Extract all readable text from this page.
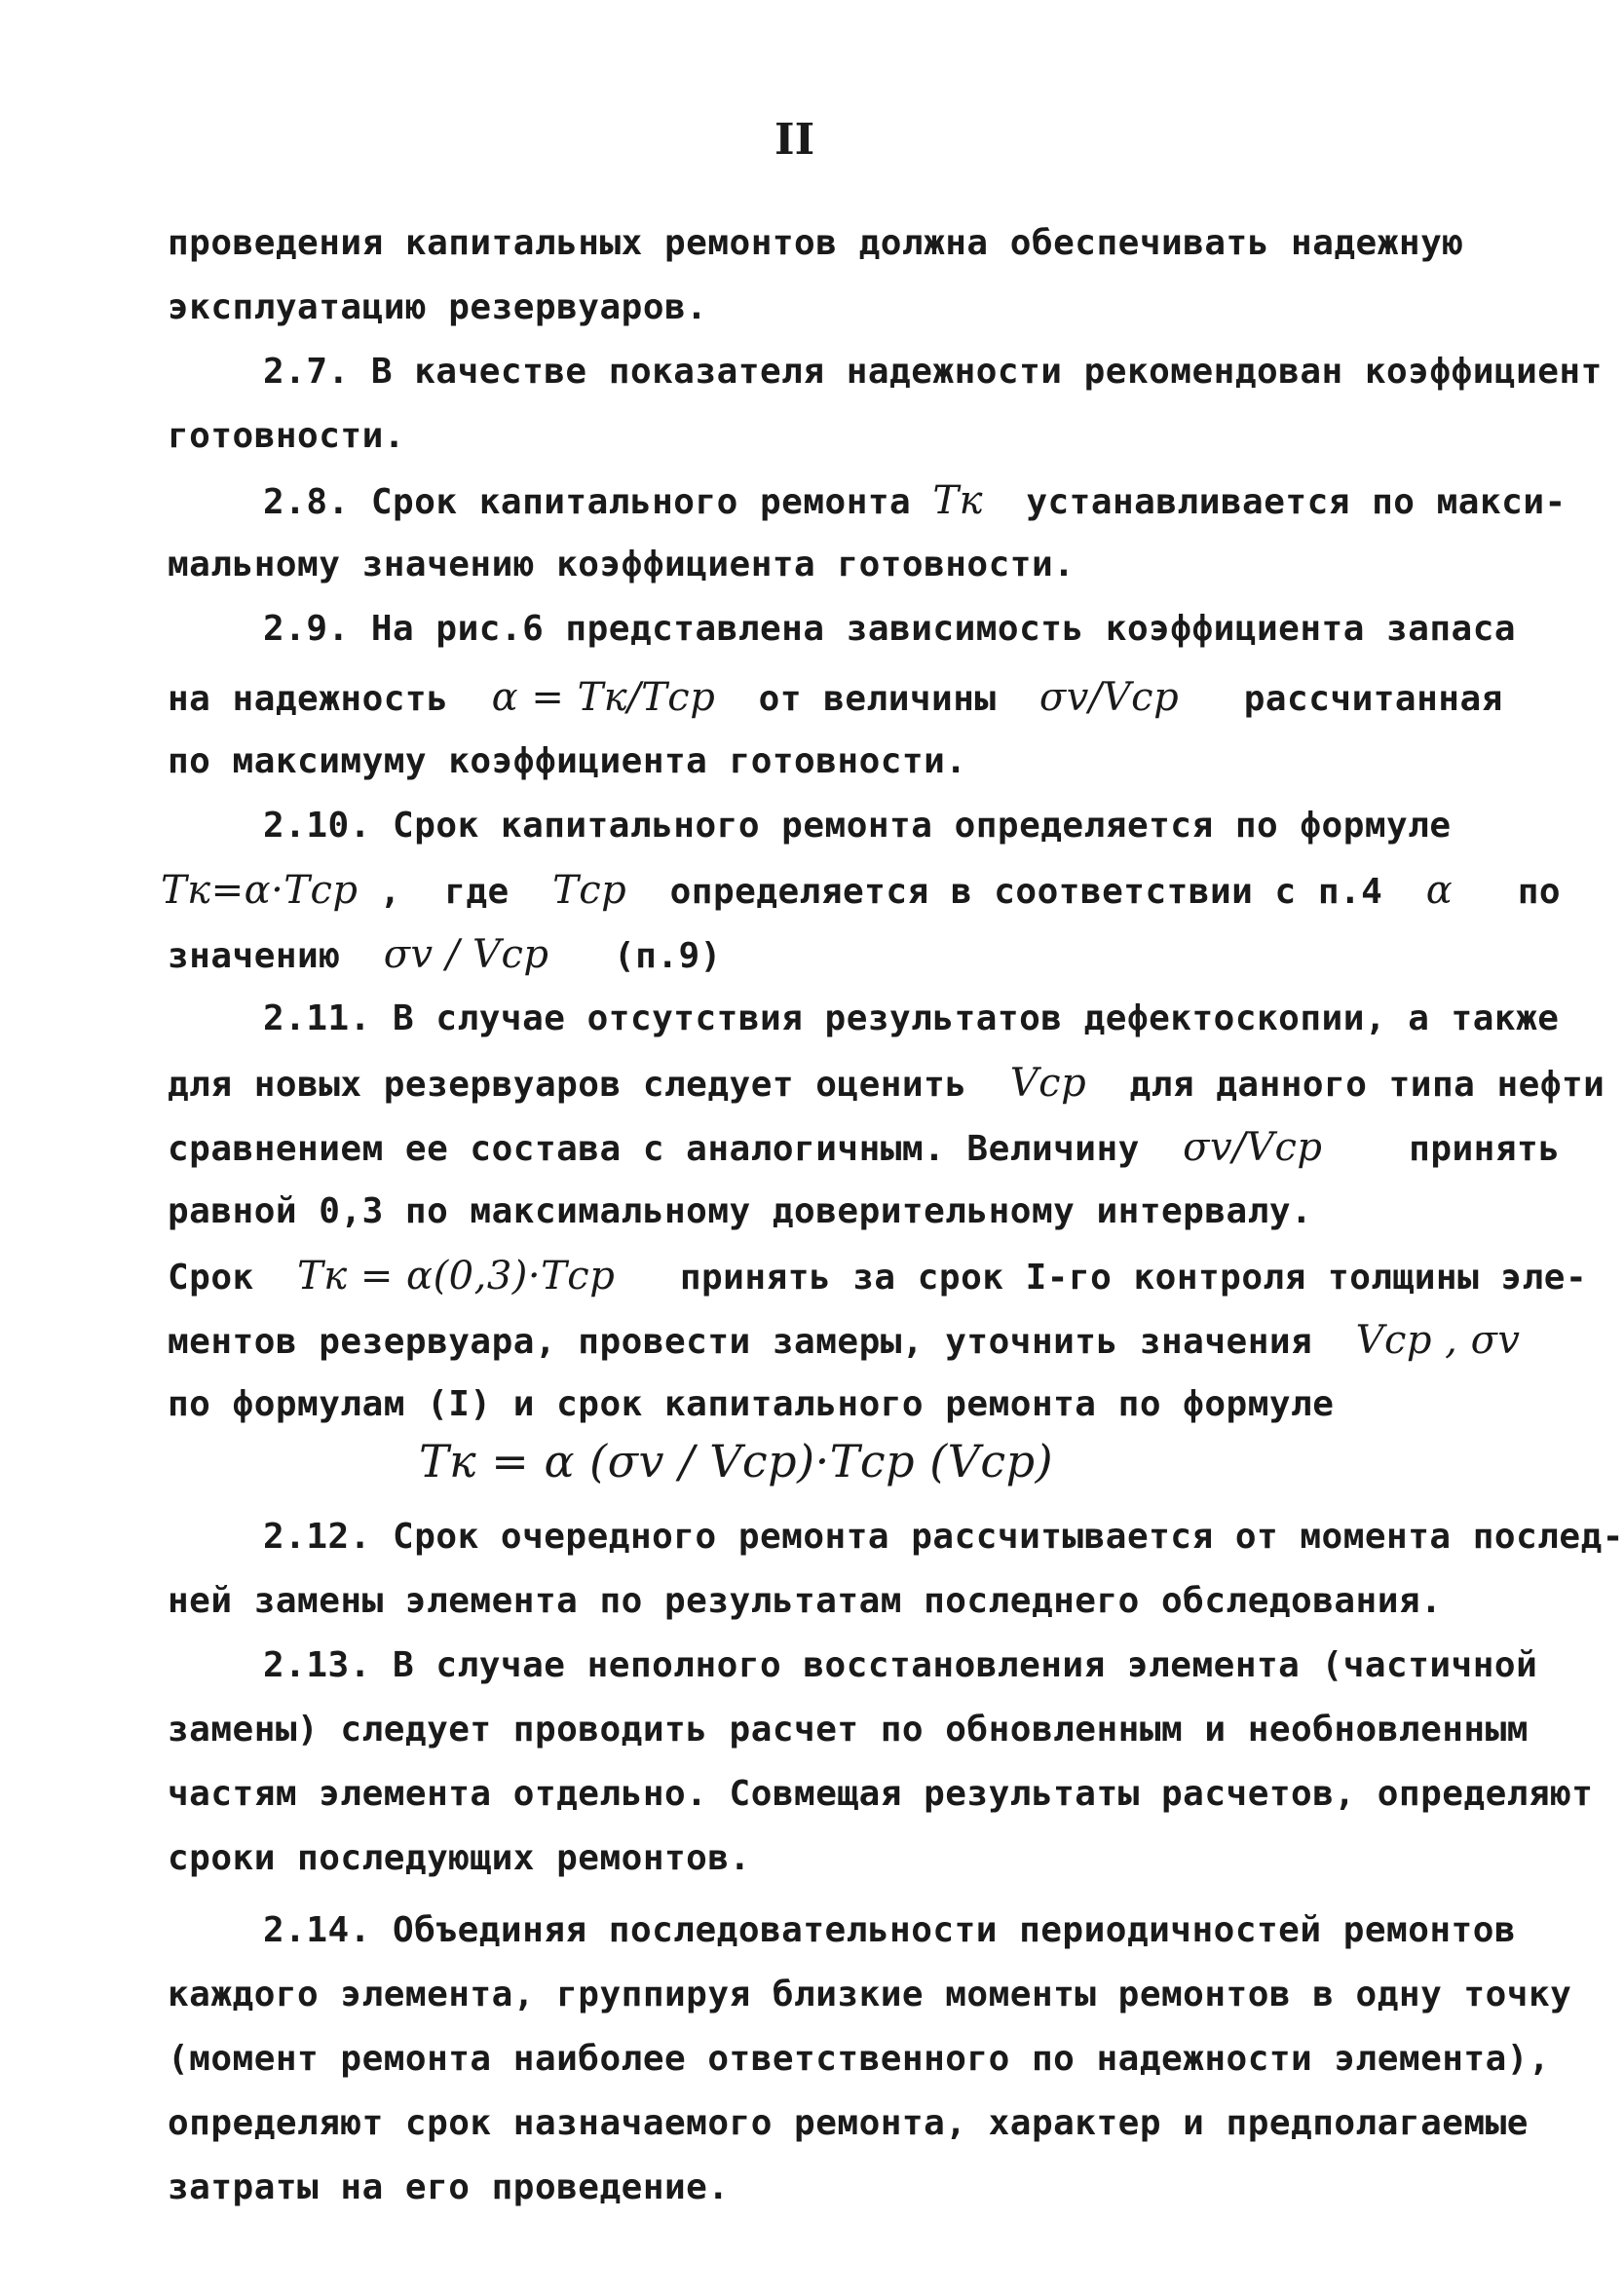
II
проведения капитальных ремонтов должна обеспечивать надежную
эксплуатацию резервуаров.
2.7. В качестве показателя надежности рекомендован коэффициент
готовности.
2.8. Срок капитального ремонта Tк  устанавливается по макси-
мальному значению коэффициента готовности.
2.9. На рис.6 представлена зависимость коэффициента запаса
на надежность  α = Tк/Tср  от величины  σv/Vср   рассчитанная
по максимуму коэффициента готовности.
2.10. Срок капитального ремонта определяется по формуле
Tк=α·Tср ,  где  Tср  определяется в соответствии с п.4  α   по
значению  σv / Vср   (п.9)
2.11. В случае отсутствия результатов дефектоскопии, а также
для новых резервуаров следует оценить  Vср  для данного типа нефти
сравнением ее состава с аналогичным. Величину  σv/Vср    принять
равной 0,3 по максимальному доверительному интервалу.
Срок  Tк = α(0,3)·Tср   принять за срок I-го контроля толщины эле-
ментов резервуара, провести замеры, уточнить значения  Vср , σv
по формулам (I) и срок капитального ремонта по формуле
Tк = α (σv / Vср)·Tср (Vср)
2.12. Срок очередного ремонта рассчитывается от момента послед-
ней замены элемента по результатам последнего обследования.
2.13. В случае неполного восстановления элемента (частичной
замены) следует проводить расчет по обновленным и необновленным
частям элемента отдельно. Совмещая результаты расчетов, определяют
сроки последующих ремонтов.
2.14. Объединяя последовательности периодичностей ремонтов
каждого элемента, группируя близкие моменты ремонтов в одну точку
(момент ремонта наиболее ответственного по надежности элемента),
определяют срок назначаемого ремонта, характер и предполагаемые
затраты на его проведение.
